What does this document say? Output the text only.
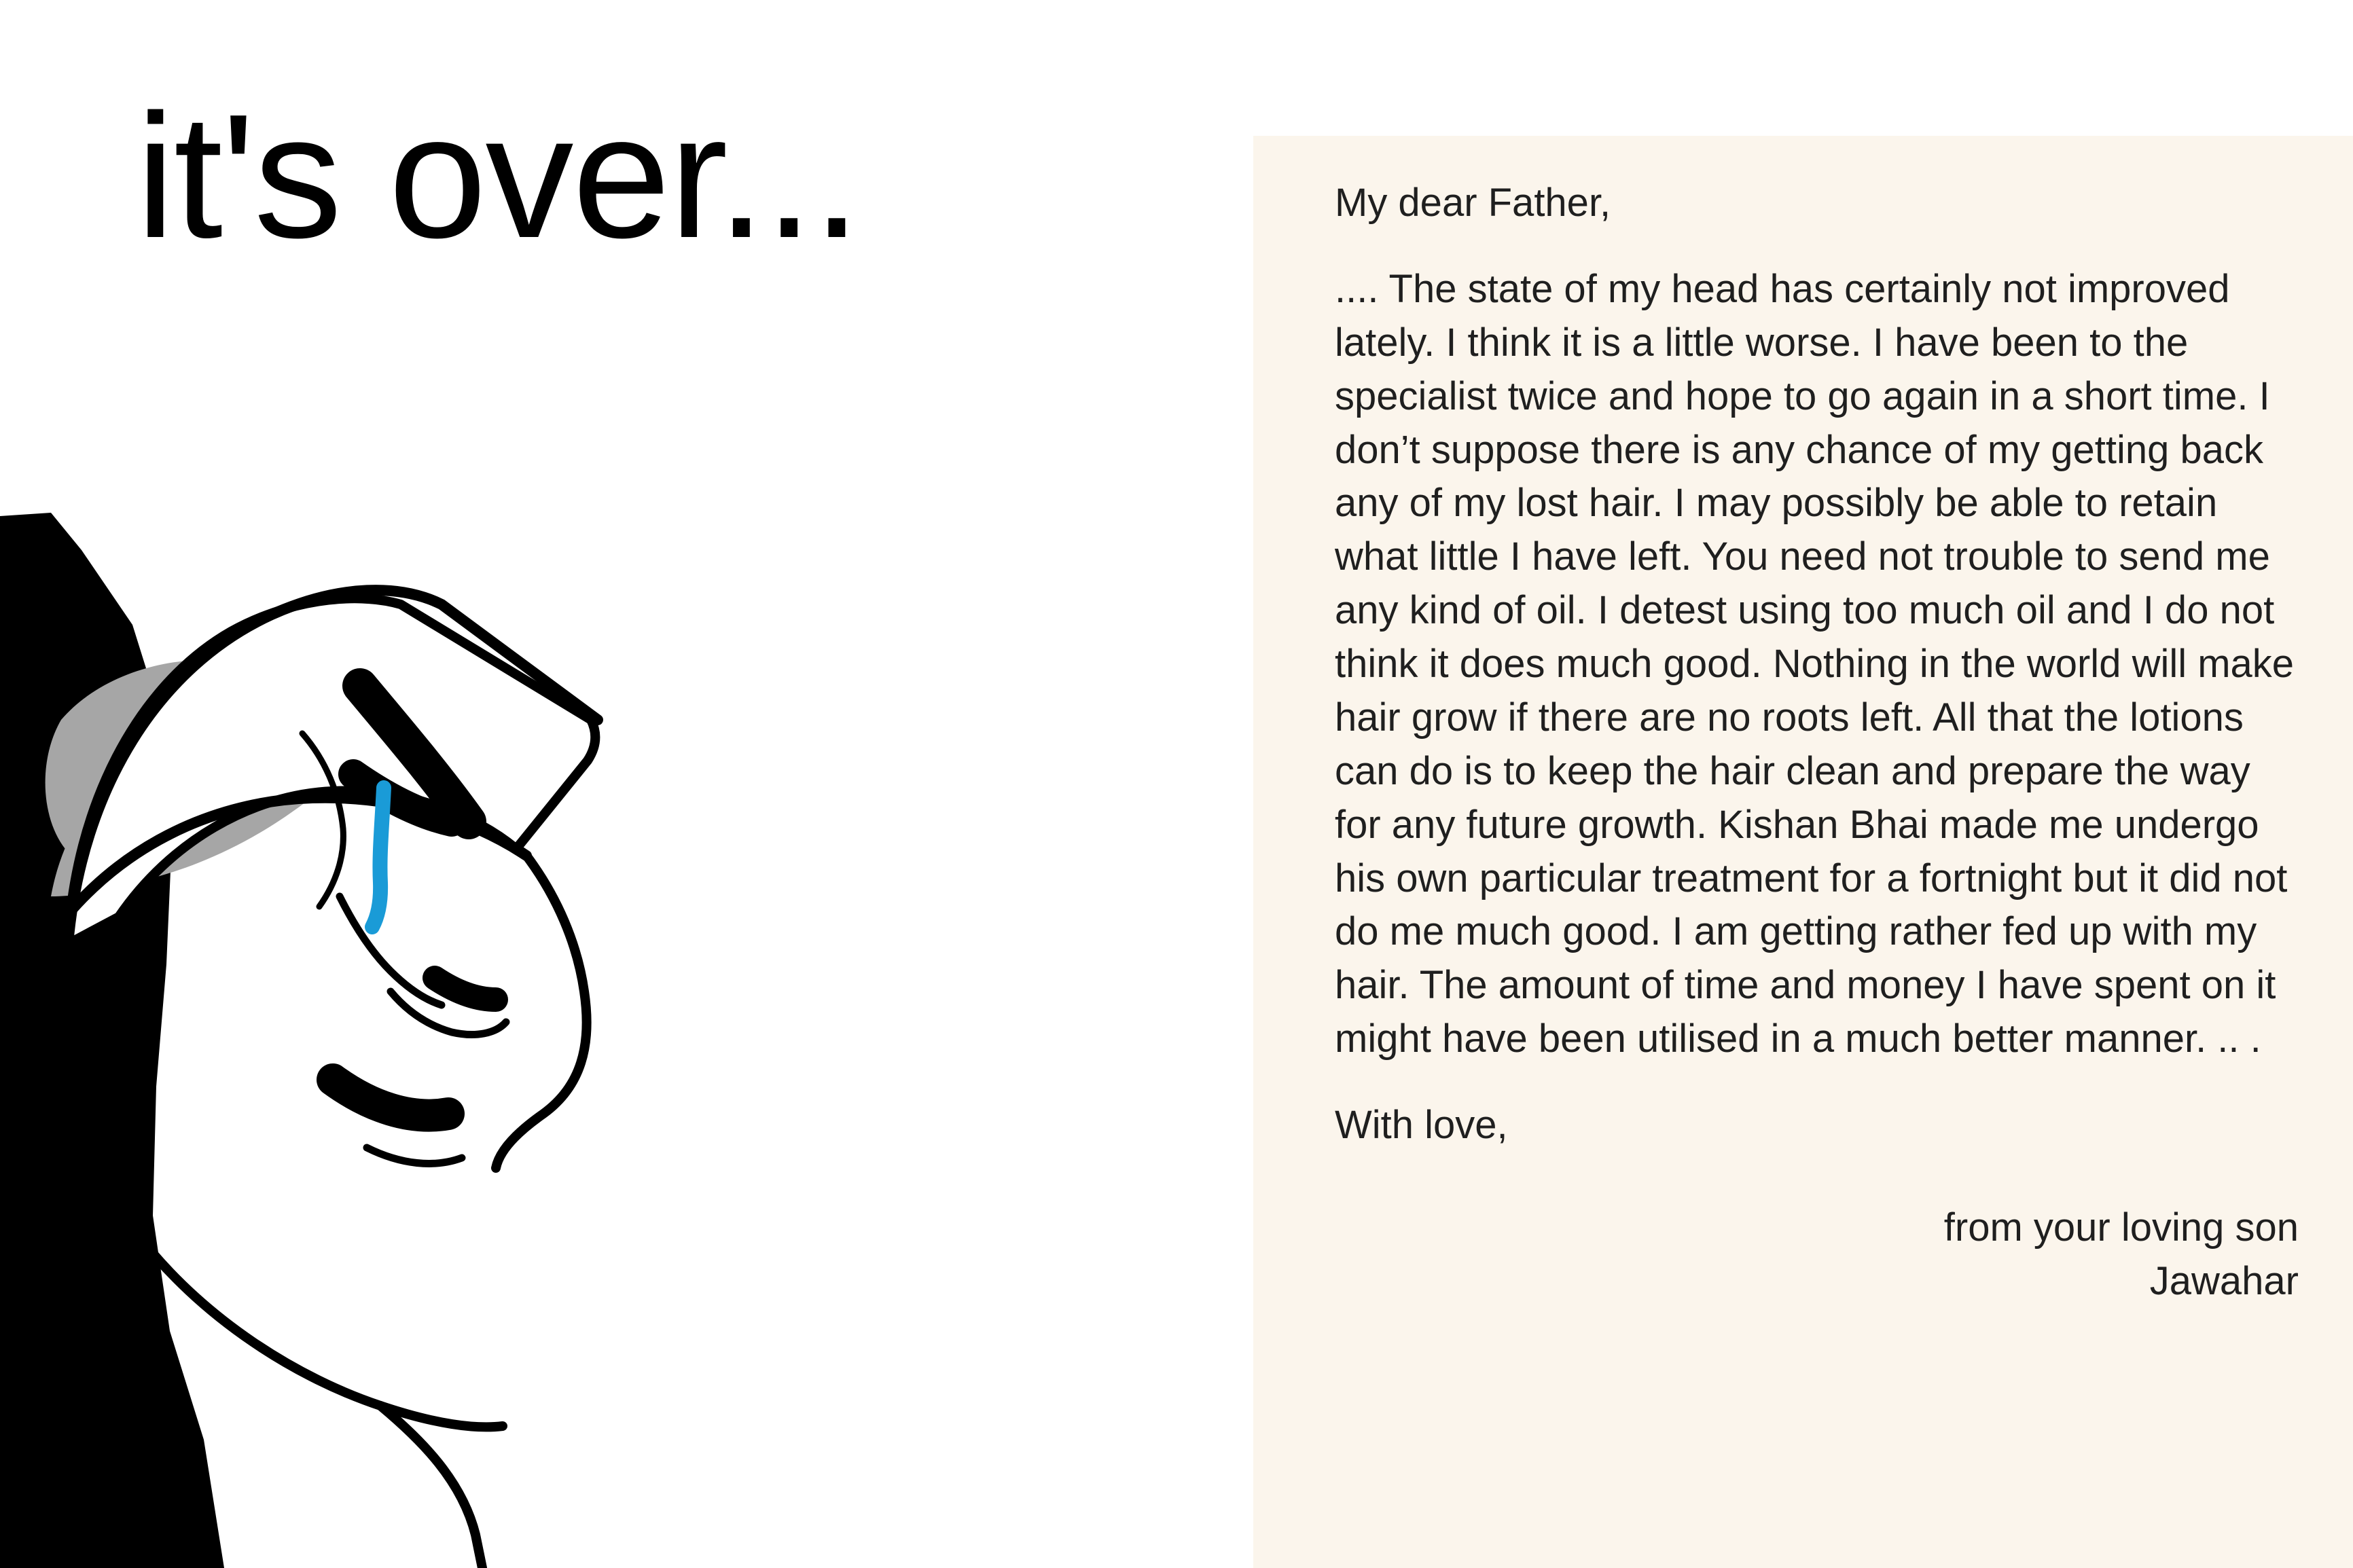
it's over...	My dear Father,

.... The state of my head has certainly not improved lately. I think it is a little worse. I have been to the specialist twice and hope to go again in a short time. I don’t suppose there is any chance of my getting back any of my lost hair. I may possibly be able to retain what little I have left. You need not trouble to send me any kind of oil. I detest using too much oil and I do not think it does much good. Nothing in the world will make hair grow if there are no roots left. All that the lotions can do is to keep the hair clean and prepare the way for any future growth. Kishan Bhai made me undergo his own particular treatment for a fortnight but it did not do me much good. I am getting rather fed up with my hair. The amount of time and money I have spent on it might have been utilised in a much better manner. .. .

With love,

from your loving son
Jawahar
